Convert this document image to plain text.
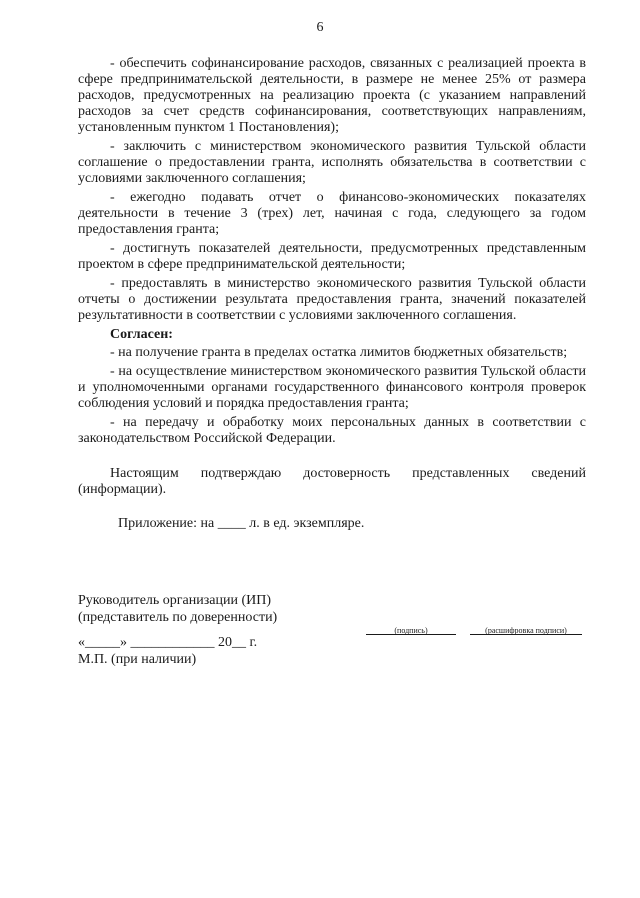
6

- обеспечить софинансирование расходов, связанных с реализацией проекта в сфере предпринимательской деятельности, в размере не менее 25% от размера расходов, предусмотренных на реализацию проекта (с указанием направлений расходов за счет средств софинансирования, соответствующих направлениям, установленным пунктом 1 Постановления);

- заключить с министерством экономического развития Тульской области соглашение о предоставлении гранта, исполнять обязательства в соответствии с условиями заключенного соглашения;

- ежегодно подавать отчет о финансово-экономических показателях деятельности в течение 3 (трех) лет, начиная с года, следующего за годом предоставления гранта;

- достигнуть показателей деятельности, предусмотренных представленным проектом в сфере предпринимательской деятельности;

- предоставлять в министерство экономического развития Тульской области отчеты о достижении результата предоставления гранта, значений показателей результативности в соответствии с условиями заключенного соглашения.

Согласен:

- на получение гранта в пределах остатка лимитов бюджетных обязательств;

- на осуществление министерством экономического развития Тульской области и уполномоченными органами государственного финансового контроля проверок соблюдения условий и порядка предоставления гранта;

- на передачу и обработку моих персональных данных в соответствии с законодательством Российской Федерации.

Настоящим подтверждаю достоверность представленных сведений (информации).

Приложение: на ____ л. в ед. экземпляре.

Руководитель организации (ИП)
(представитель по доверенности)
(подпись)	(расшифровка подписи)
«_____» ____________ 20__ г.

М.П. (при наличии)
